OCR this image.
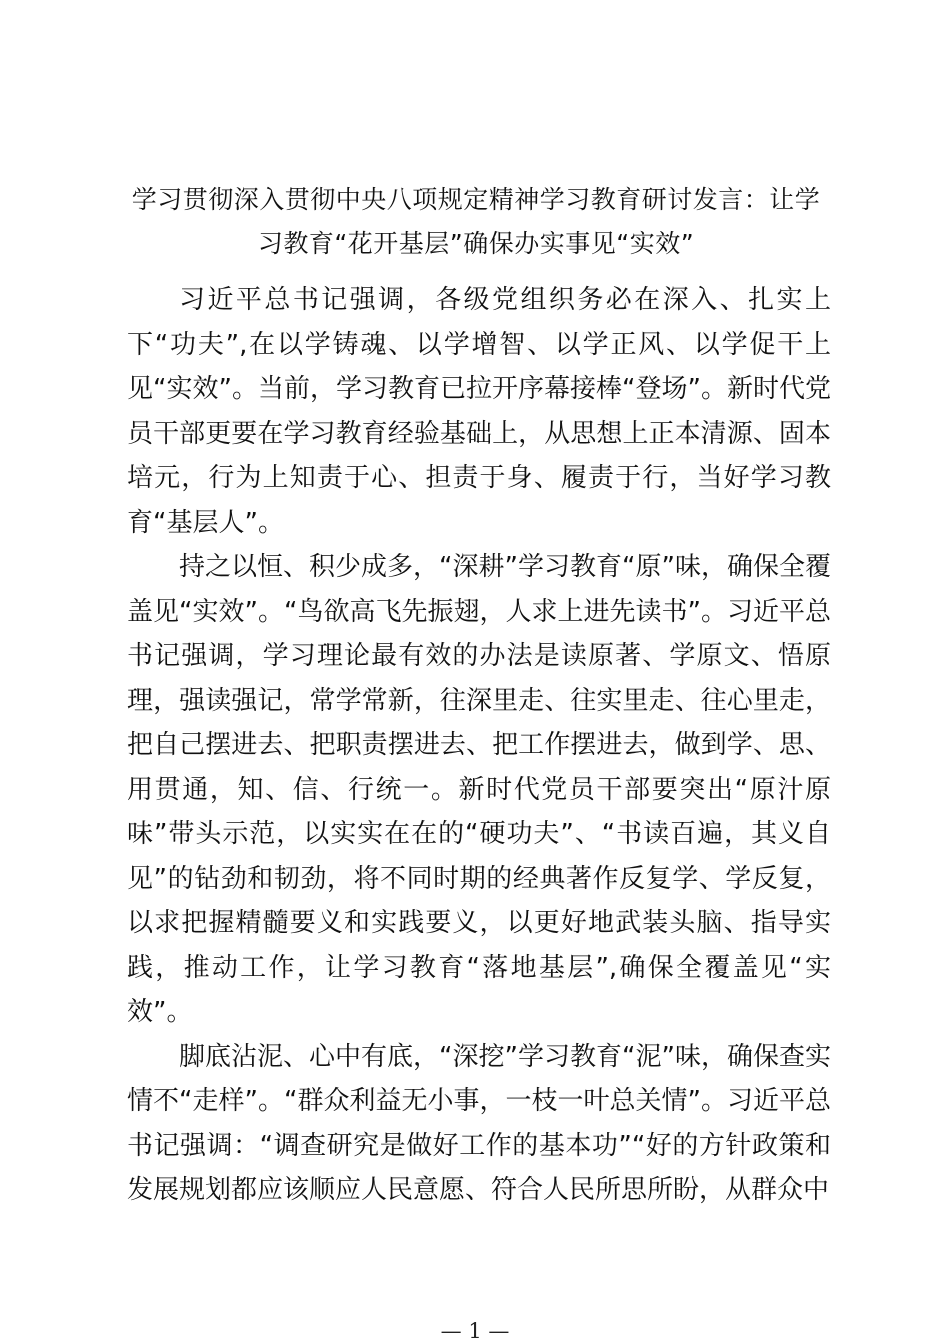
学习贯彻深入贯彻中央八项规定精神学习教育研讨发言：让学习教育“花开基层”确保办实事见“实效”

习近平总书记强调，各级党组织务必在深入、扎实上下“功夫”,在以学铸魂、以学增智、以学正风、以学促干上见“实效”。当前，学习教育已拉开序幕接棒“登场”。新时代党员干部更要在学习教育经验基础上，从思想上正本清源、固本培元，行为上知责于心、担责于身、履责于行，当好学习教育“基层人”。

持之以恒、积少成多，“深耕”学习教育“原”味，确保全覆盖见“实效”。“鸟欲高飞先振翅，人求上进先读书”。习近平总书记强调，学习理论最有效的办法是读原著、学原文、悟原理，强读强记，常学常新，往深里走、往实里走、往心里走，把自己摆进去、把职责摆进去、把工作摆进去，做到学、思、用贯通，知、信、行统一。新时代党员干部要突出“原汁原味”带头示范，以实实在在的“硬功夫”、“书读百遍，其义自见”的钻劲和韧劲，将不同时期的经典著作反复学、学反复，以求把握精髓要义和实践要义，以更好地武装头脑、指导实践，推动工作，让学习教育“落地基层”,确保全覆盖见“实效”。

脚底沾泥、心中有底，“深挖”学习教育“泥”味，确保查实情不“走样”。“群众利益无小事，一枝一叶总关情”。习近平总书记强调：“调查研究是做好工作的基本功”“好的方针政策和发展规划都应该顺应人民意愿、符合人民所思所盼，从群众中

— 1 —
